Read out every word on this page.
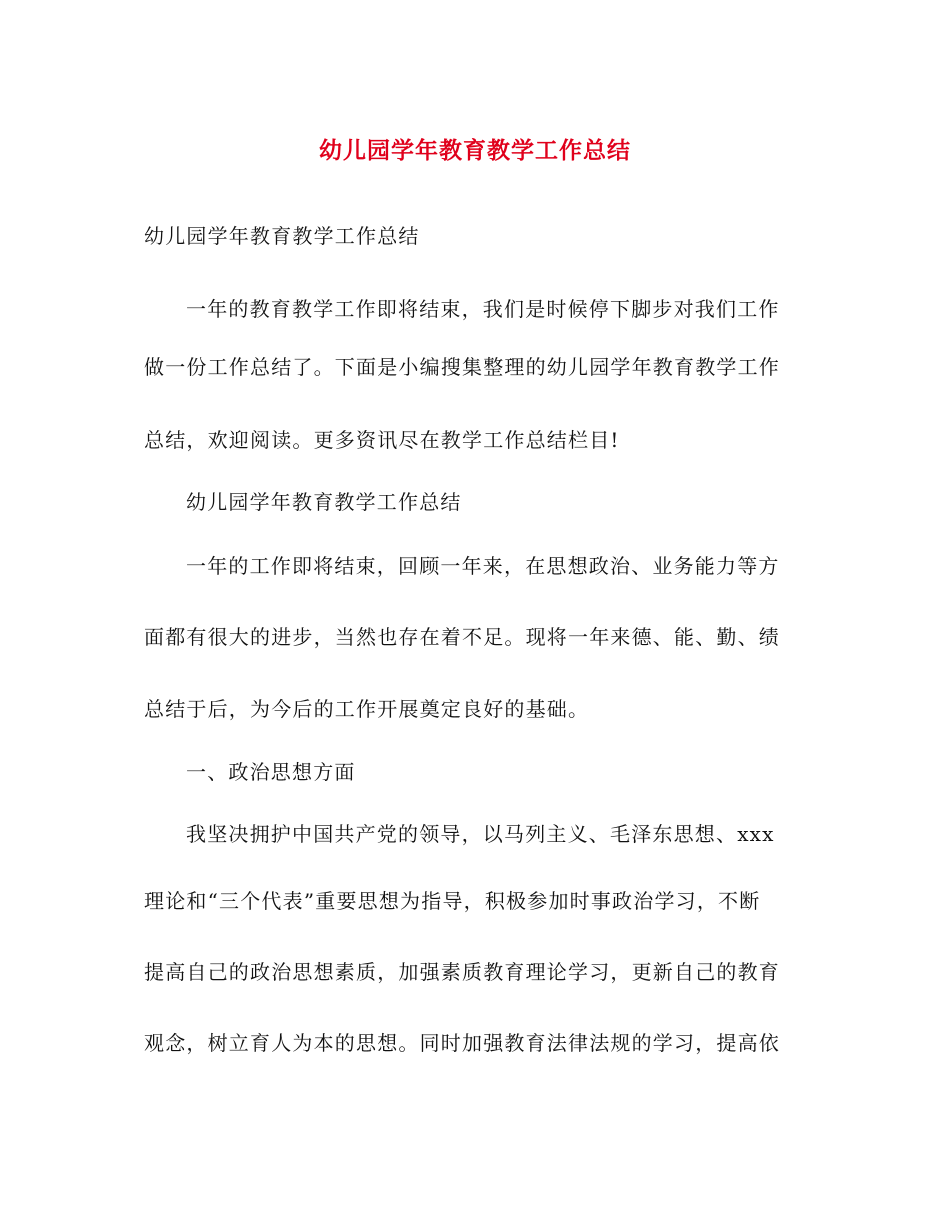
幼儿园学年教育教学工作总结
幼儿园学年教育教学工作总结
一年的教育教学工作即将结束，我们是时候停下脚步对我们工作
做一份工作总结了。下面是小编搜集整理的幼儿园学年教育教学工作
总结，欢迎阅读。更多资讯尽在教学工作总结栏目!
幼儿园学年教育教学工作总结
一年的工作即将结束，回顾一年来，在思想政治、业务能力等方
面都有很大的进步，当然也存在着不足。现将一年来德、能、勤、绩
总结于后，为今后的工作开展奠定良好的基础。
一、政治思想方面
我坚决拥护中国共产党的领导，以马列主义、毛泽东思想、xxx
理论和“三个代表”重要思想为指导，积极参加时事政治学习，不断
提高自己的政治思想素质，加强素质教育理论学习，更新自己的教育
观念，树立育人为本的思想。同时加强教育法律法规的学习，提高依
